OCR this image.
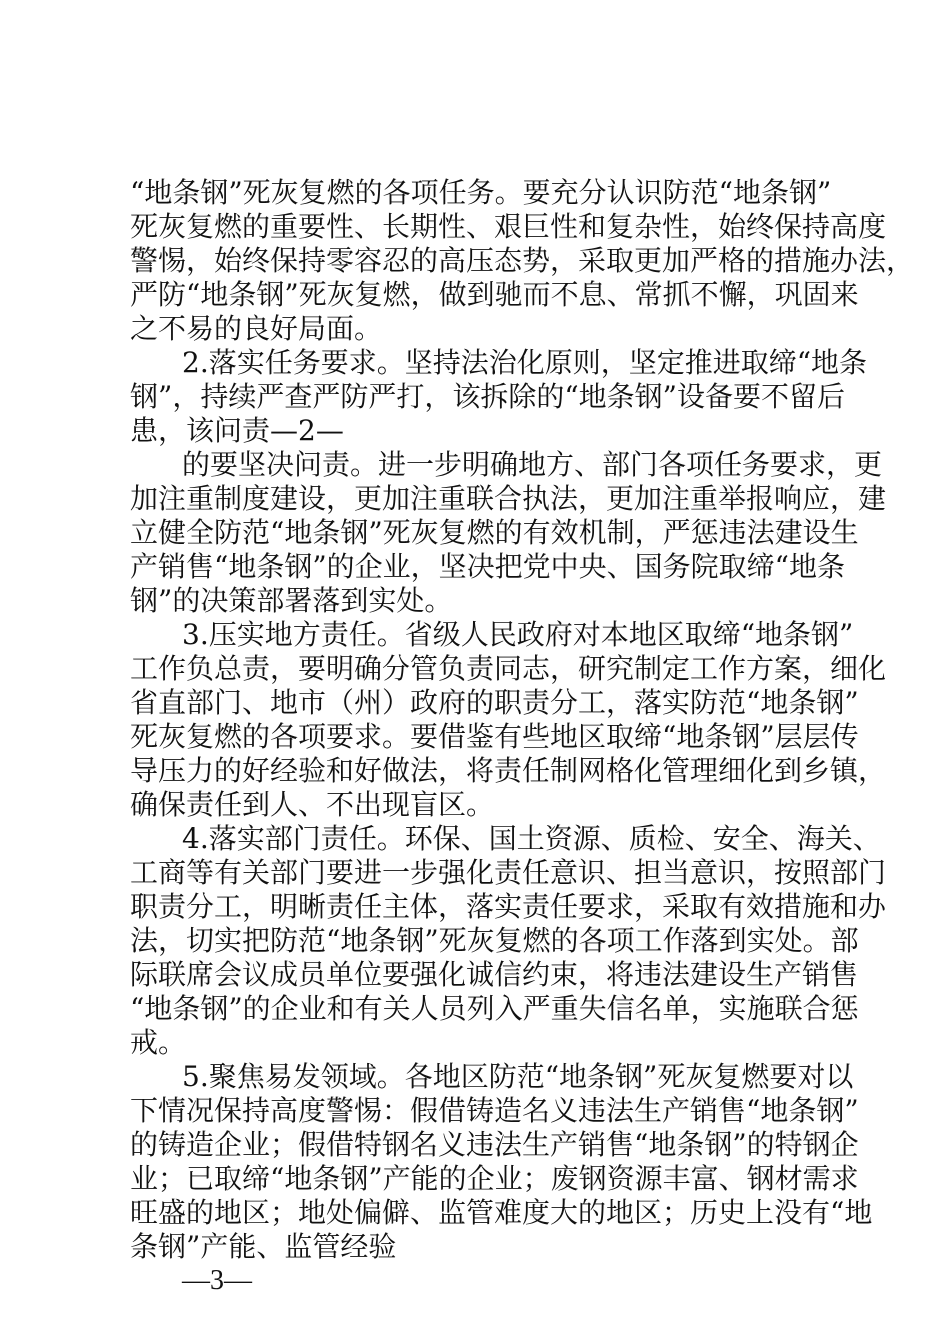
“地条钢”死灰复燃的各项任务。要充分认识防范“地条钢”

死灰复燃的重要性、长期性、艰巨性和复杂性，始终保持高度

警惕，始终保持零容忍的高压态势，采取更加严格的措施办法，

严防“地条钢”死灰复燃，做到驰而不息、常抓不懈，巩固来

之不易的良好局面。

2.落实任务要求。坚持法治化原则，坚定推进取缔“地条

钢”，持续严查严防严打，该拆除的“地条钢”设备要不留后

患，该问责—2—

的要坚决问责。进一步明确地方、部门各项任务要求，更

加注重制度建设，更加注重联合执法，更加注重举报响应，建

立健全防范“地条钢”死灰复燃的有效机制，严惩违法建设生

产销售“地条钢”的企业，坚决把党中央、国务院取缔“地条

钢”的决策部署落到实处。

3.压实地方责任。省级人民政府对本地区取缔“地条钢”

工作负总责，要明确分管负责同志，研究制定工作方案，细化

省直部门、地市（州）政府的职责分工，落实防范“地条钢”

死灰复燃的各项要求。要借鉴有些地区取缔“地条钢”层层传

导压力的好经验和好做法，将责任制网格化管理细化到乡镇，

确保责任到人、不出现盲区。

4.落实部门责任。环保、国土资源、质检、安全、海关、

工商等有关部门要进一步强化责任意识、担当意识，按照部门

职责分工，明晰责任主体，落实责任要求，采取有效措施和办

法，切实把防范“地条钢”死灰复燃的各项工作落到实处。部

际联席会议成员单位要强化诚信约束，将违法建设生产销售

“地条钢”的企业和有关人员列入严重失信名单，实施联合惩

戒。

5.聚焦易发领域。各地区防范“地条钢”死灰复燃要对以

下情况保持高度警惕：假借铸造名义违法生产销售“地条钢”

的铸造企业；假借特钢名义违法生产销售“地条钢”的特钢企

业；已取缔“地条钢”产能的企业；废钢资源丰富、钢材需求

旺盛的地区；地处偏僻、监管难度大的地区；历史上没有“地

条钢”产能、监管经验

—3—
